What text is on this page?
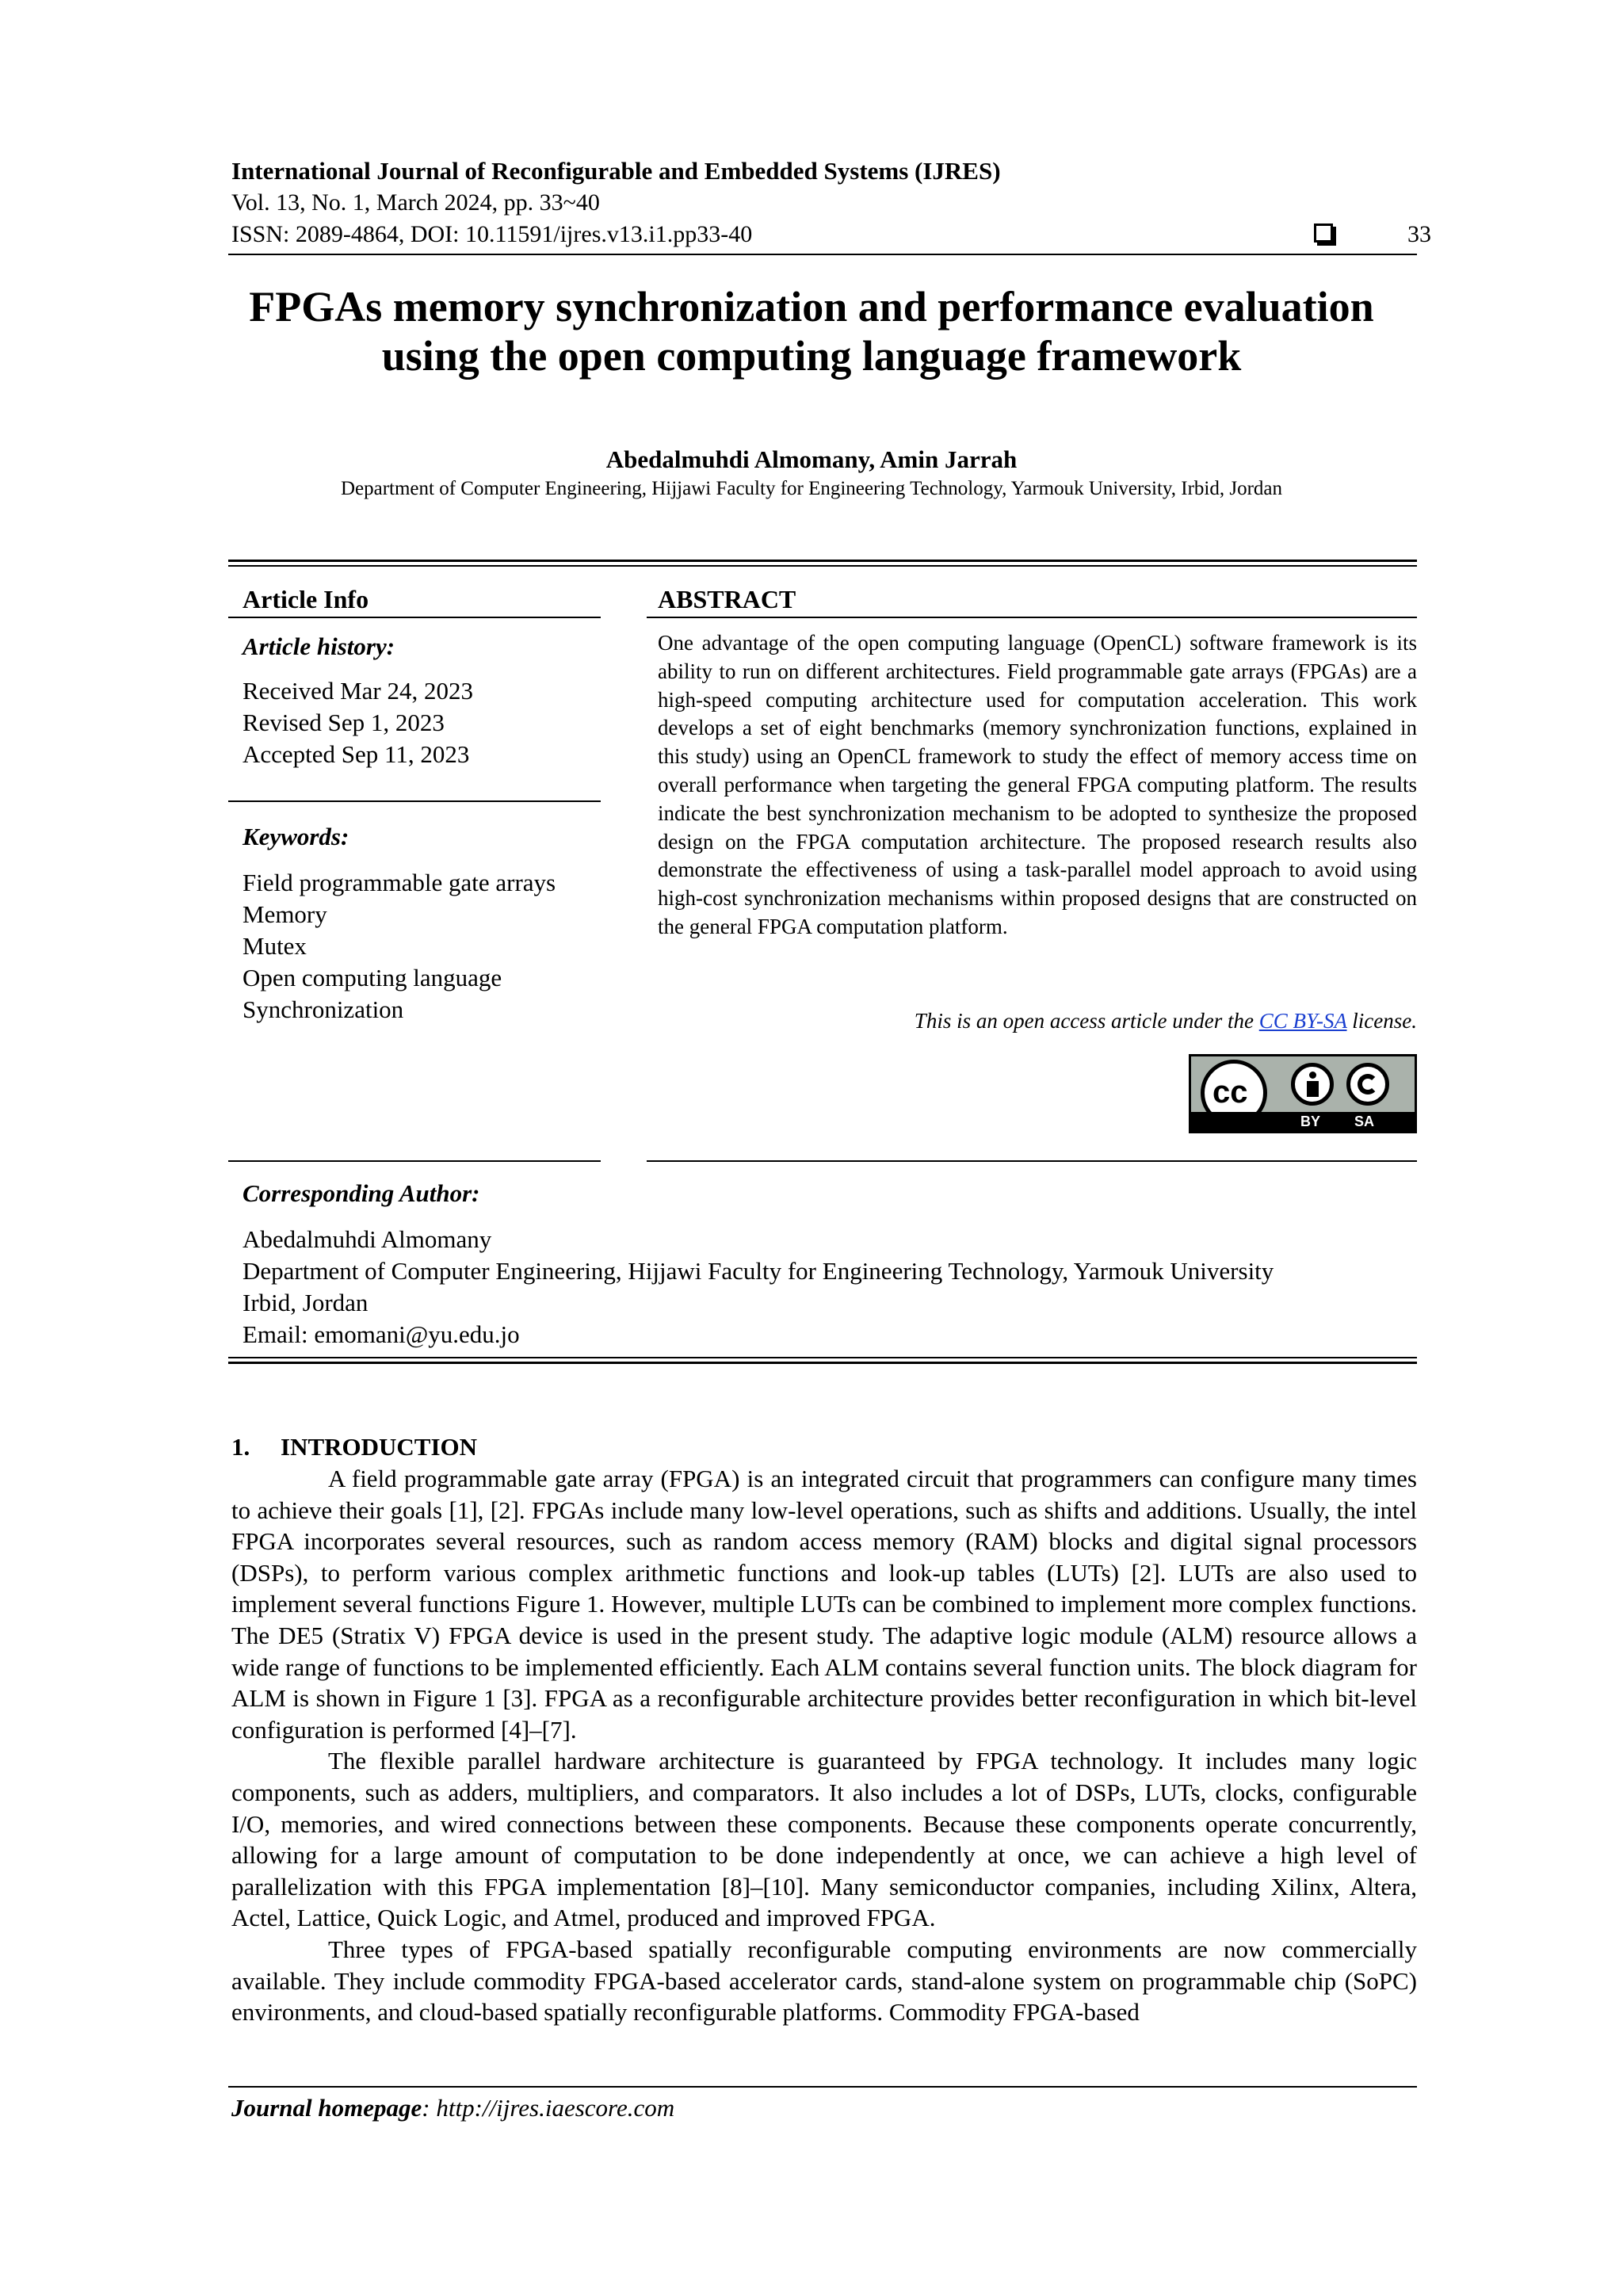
International Journal of Reconfigurable and Embedded Systems (IJRES)
Vol. 13, No. 1, March 2024, pp. 33~40
ISSN: 2089-4864, DOI: 10.11591/ijres.v13.i1.pp33-40	33
FPGAs memory synchronization and performance evaluation
using the open computing language framework
Abedalmuhdi Almomany, Amin Jarrah
Department of Computer Engineering, Hijjawi Faculty for Engineering Technology, Yarmouk University, Irbid, Jordan
Article Info
Article history:
Received Mar 24, 2023
Revised Sep 1, 2023
Accepted Sep 11, 2023
Keywords:
Field programmable gate arrays
Memory
Mutex
Open computing language
Synchronization
ABSTRACT
One advantage of the open computing language (OpenCL) software framework is its ability to run on different architectures. Field programmable gate arrays (FPGAs) are a high-speed computing architecture used for computation acceleration. This work develops a set of eight benchmarks (memory synchronization functions, explained in this study) using an OpenCL framework to study the effect of memory access time on overall performance when targeting the general FPGA computing platform. The results indicate the best synchronization mechanism to be adopted to synthesize the proposed design on the FPGA computation architecture. The proposed research results also demonstrate the effectiveness of using a task-parallel model approach to avoid using high-cost synchronization mechanisms within proposed designs that are constructed on the general FPGA computation platform.
This is an open access article under the CC BY-SA license.
cc
BY SA
Corresponding Author:
Abedalmuhdi Almomany
Department of Computer Engineering, Hijjawi Faculty for Engineering Technology, Yarmouk University
Irbid, Jordan
Email: emomani@yu.edu.jo
1.     INTRODUCTION

A field programmable gate array (FPGA) is an integrated circuit that programmers can configure many times to achieve their goals [1], [2]. FPGAs include many low-level operations, such as shifts and additions. Usually, the intel FPGA incorporates several resources, such as random access memory (RAM) blocks and digital signal processors (DSPs), to perform various complex arithmetic functions and look-up tables (LUTs) [2]. LUTs are also used to implement several functions Figure 1. However, multiple LUTs can be combined to implement more complex functions. The DE5 (Stratix V) FPGA device is used in the present study. The adaptive logic module (ALM) resource allows a wide range of functions to be implemented efficiently. Each ALM contains several function units. The block diagram for ALM is shown in Figure 1 [3]. FPGA as a reconfigurable architecture provides better reconfiguration in which bit-level configuration is performed [4]–[7].

The flexible parallel hardware architecture is guaranteed by FPGA technology. It includes many logic components, such as adders, multipliers, and comparators. It also includes a lot of DSPs, LUTs, clocks, configurable I/O, memories, and wired connections between these components. Because these components operate concurrently, allowing for a large amount of computation to be done independently at once, we can achieve a high level of parallelization with this FPGA implementation [8]–[10]. Many semiconductor companies, including Xilinx, Altera, Actel, Lattice, Quick Logic, and Atmel, produced and improved FPGA.

Three types of FPGA-based spatially reconfigurable computing environments are now commercially available. They include commodity FPGA-based accelerator cards, stand-alone system on programmable chip (SoPC) environments, and cloud-based spatially reconfigurable platforms. Commodity FPGA-based

Journal homepage: http://ijres.iaescore.com
